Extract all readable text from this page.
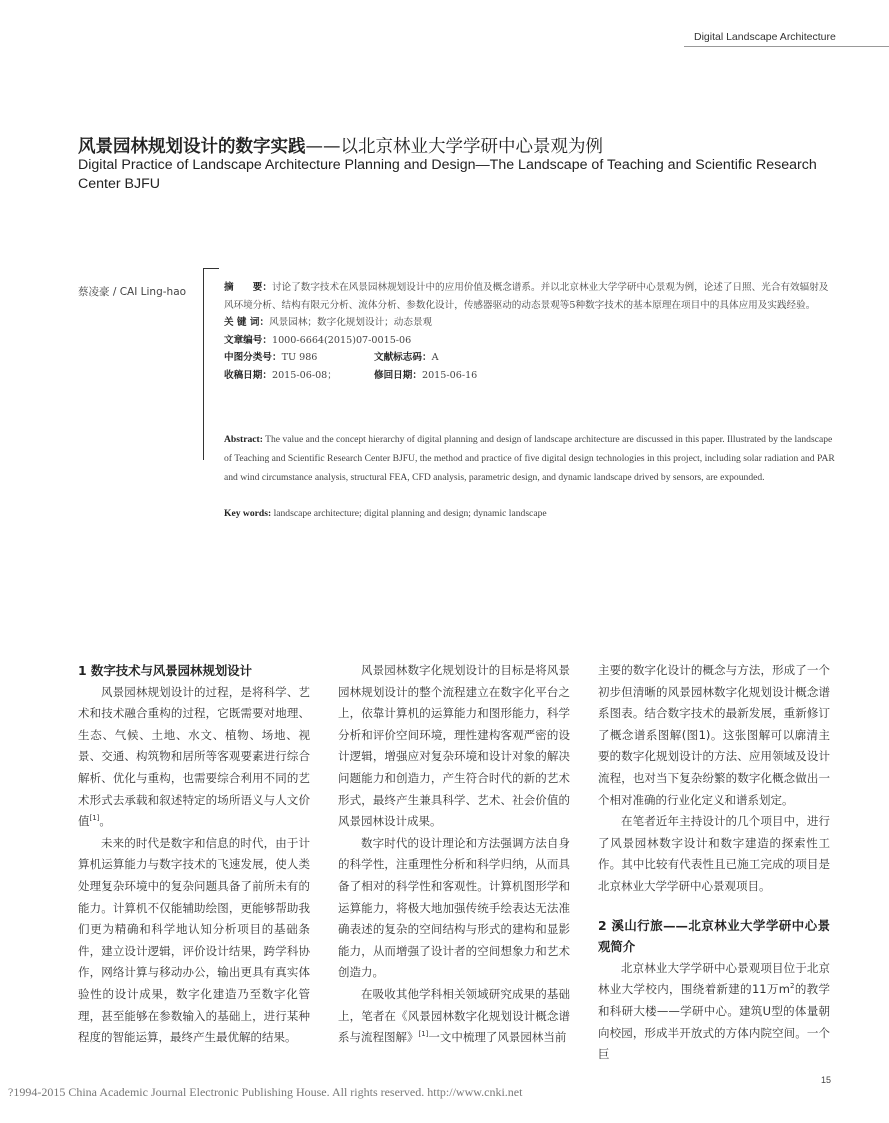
Digital Landscape Architecture
风景园林规划设计的数字实践——以北京林业大学学研中心景观为例
Digital Practice of Landscape Architecture Planning and Design—The Landscape of Teaching and Scientific Research Center BJFU
蔡凌豪 / CAI Ling-hao	摘　　要：讨论了数字技术在风景园林规划设计中的应用价值及概念谱系。并以北京林业大学学研中心景观为例，论述了日照、光合有效辐射及风环境分析、结构有限元分析、流体分析、参数化设计，传感器驱动的动态景观等5种数字技术的基本原理在项目中的具体应用及实践经验。
关 键 词：风景园林；数字化规划设计；动态景观
文章编号：1000-6664(2015)07-0015-06
中图分类号：TU 986	文献标志码：A
收稿日期：2015-06-08；	修回日期：2015-06-16
Abstract: The value and the concept hierarchy of digital planning and design of landscape architecture are discussed in this paper. Illustrated by the landscape of Teaching and Scientific Research Center BJFU, the method and practice of five digital design technologies in this project, including solar radiation and PAR and wind circumstance analysis, structural FEA, CFD analysis, parametric design, and dynamic landscape drived by sensors, are expounded.
Key words: landscape architecture; digital planning and design; dynamic landscape
1 数字技术与风景园林规划设计

风景园林规划设计的过程，是将科学、艺术和技术融合重构的过程，它既需要对地理、生态、气候、土地、水文、植物、场地、视景、交通、构筑物和居所等客观要素进行综合解析、优化与重构，也需要综合利用不同的艺术形式去承载和叙述特定的场所语义与人文价值[1]。

未来的时代是数字和信息的时代，由于计算机运算能力与数字技术的飞速发展，使人类处理复杂环境中的复杂问题具备了前所未有的能力。计算机不仅能辅助绘图，更能够帮助我们更为精确和科学地认知分析项目的基础条件，建立设计逻辑，评价设计结果，跨学科协作，网络计算与移动办公，输出更具有真实体验性的设计成果，数字化建造乃至数字化管理，甚至能够在参数输入的基础上，进行某种程度的智能运算，最终产生最优解的结果。

风景园林数字化规划设计的目标是将风景园林规划设计的整个流程建立在数字化平台之上，依靠计算机的运算能力和图形能力，科学分析和评价空间环境，理性建构客观严密的设计逻辑，增强应对复杂环境和设计对象的解决问题能力和创造力，产生符合时代的新的艺术形式，最终产生兼具科学、艺术、社会价值的风景园林设计成果。

数字时代的设计理论和方法强调方法自身的科学性，注重理性分析和科学归纳，从而具备了相对的科学性和客观性。计算机图形学和运算能力，将极大地加强传统手绘表达无法准确表述的复杂的空间结构与形式的建构和显影能力，从而增强了设计者的空间想象力和艺术创造力。

在吸收其他学科相关领域研究成果的基础上，笔者在《风景园林数字化规划设计概念谱系与流程图解》[1]一文中梳理了风景园林当前

主要的数字化设计的概念与方法，形成了一个初步但清晰的风景园林数字化规划设计概念谱系图表。结合数字技术的最新发展，重新修订了概念谱系图解(图1)。这张图解可以廓清主要的数字化规划设计的方法、应用领域及设计流程，也对当下复杂纷繁的数字化概念做出一个相对准确的行业化定义和谱系划定。

在笔者近年主持设计的几个项目中，进行了风景园林数字设计和数字建造的探索性工作。其中比较有代表性且已施工完成的项目是北京林业大学学研中心景观项目。

2 溪山行旅——北京林业大学学研中心景观简介

北京林业大学学研中心景观项目位于北京林业大学校内，围绕着新建的11万$m^2$的教学和科研大楼——学研中心。建筑U型的体量朝向校园，形成半开放式的方体内院空间。一个巨

15
?1994-2015 China Academic Journal Electronic Publishing House. All rights reserved. http://www.cnki.net
